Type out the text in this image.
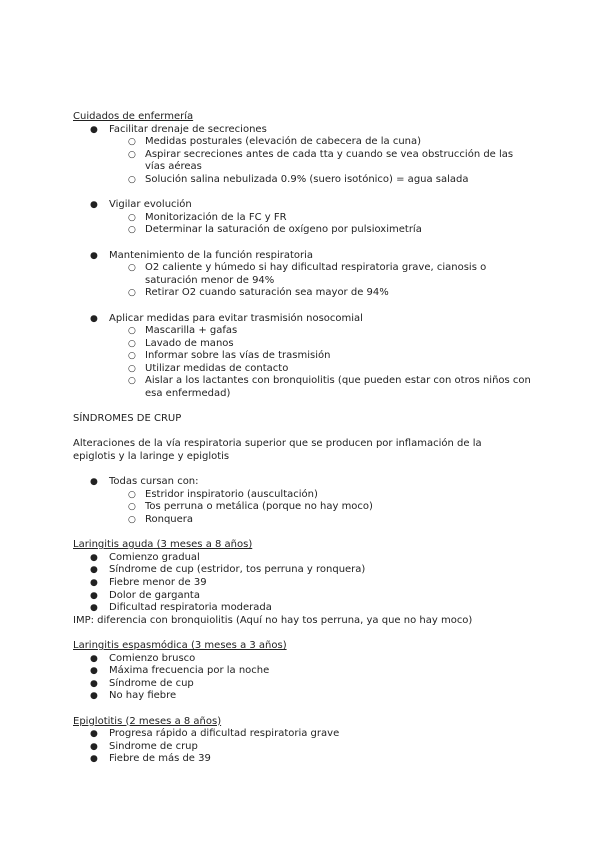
Cuidados de enfermería

● Facilitar drenaje de secreciones
○ Medidas posturales (elevación de cabecera de la cuna)
○ Aspirar secreciones antes de cada tta y cuando se vea obstrucción de las vías aéreas
○ Solución salina nebulizada 0.9% (suero isotónico) = agua salada
● Vigilar evolución
○ Monitorización de la FC y FR
○ Determinar la saturación de oxígeno por pulsioximetría
● Mantenimiento de la función respiratoria
○ O2 caliente y húmedo si hay dificultad respiratoria grave, cianosis o saturación menor de 94%
○ Retirar O2 cuando saturación sea mayor de 94%
● Aplicar medidas para evitar trasmisión nosocomial
○ Mascarilla + gafas
○ Lavado de manos
○ Informar sobre las vías de trasmisión
○ Utilizar medidas de contacto
○ Aislar a los lactantes con bronquiolitis (que pueden estar con otros niños con esa enfermedad)

SÍNDROMES DE CRUP

Alteraciones de la vía respiratoria superior que se producen por inflamación de la epiglotis y la laringe y epiglotis

● Todas cursan con:
○ Estridor inspiratorio (auscultación)
○ Tos perruna o metálica (porque no hay moco)
○ Ronquera

Laringitis aguda (3 meses a 8 años)

● Comienzo gradual
● Síndrome de cup (estridor, tos perruna y ronquera)
● Fiebre menor de 39
● Dolor de garganta
● Dificultad respiratoria moderada

IMP: diferencia con bronquiolitis (Aquí no hay tos perruna, ya que no hay moco)

Laringitis espasmódica (3 meses a 3 años)

● Comienzo brusco
● Máxima frecuencia por la noche
● Síndrome de cup
● No hay fiebre

Epiglotitis (2 meses a 8 años)

● Progresa rápido a dificultad respiratoria grave
● Sindrome de crup
● Fiebre de más de 39
